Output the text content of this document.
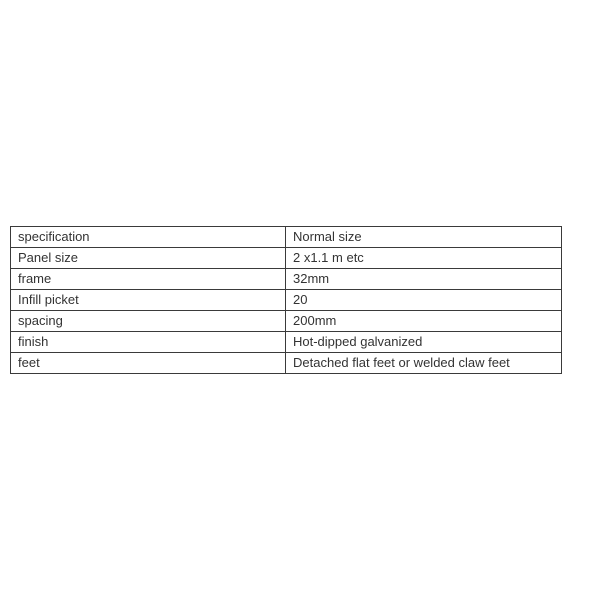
specification	Normal size
Panel size	2 x1.1 m etc
frame	32mm
Infill picket	20
spacing	200mm
finish	Hot-dipped galvanized
feet	Detached flat feet or welded claw feet
